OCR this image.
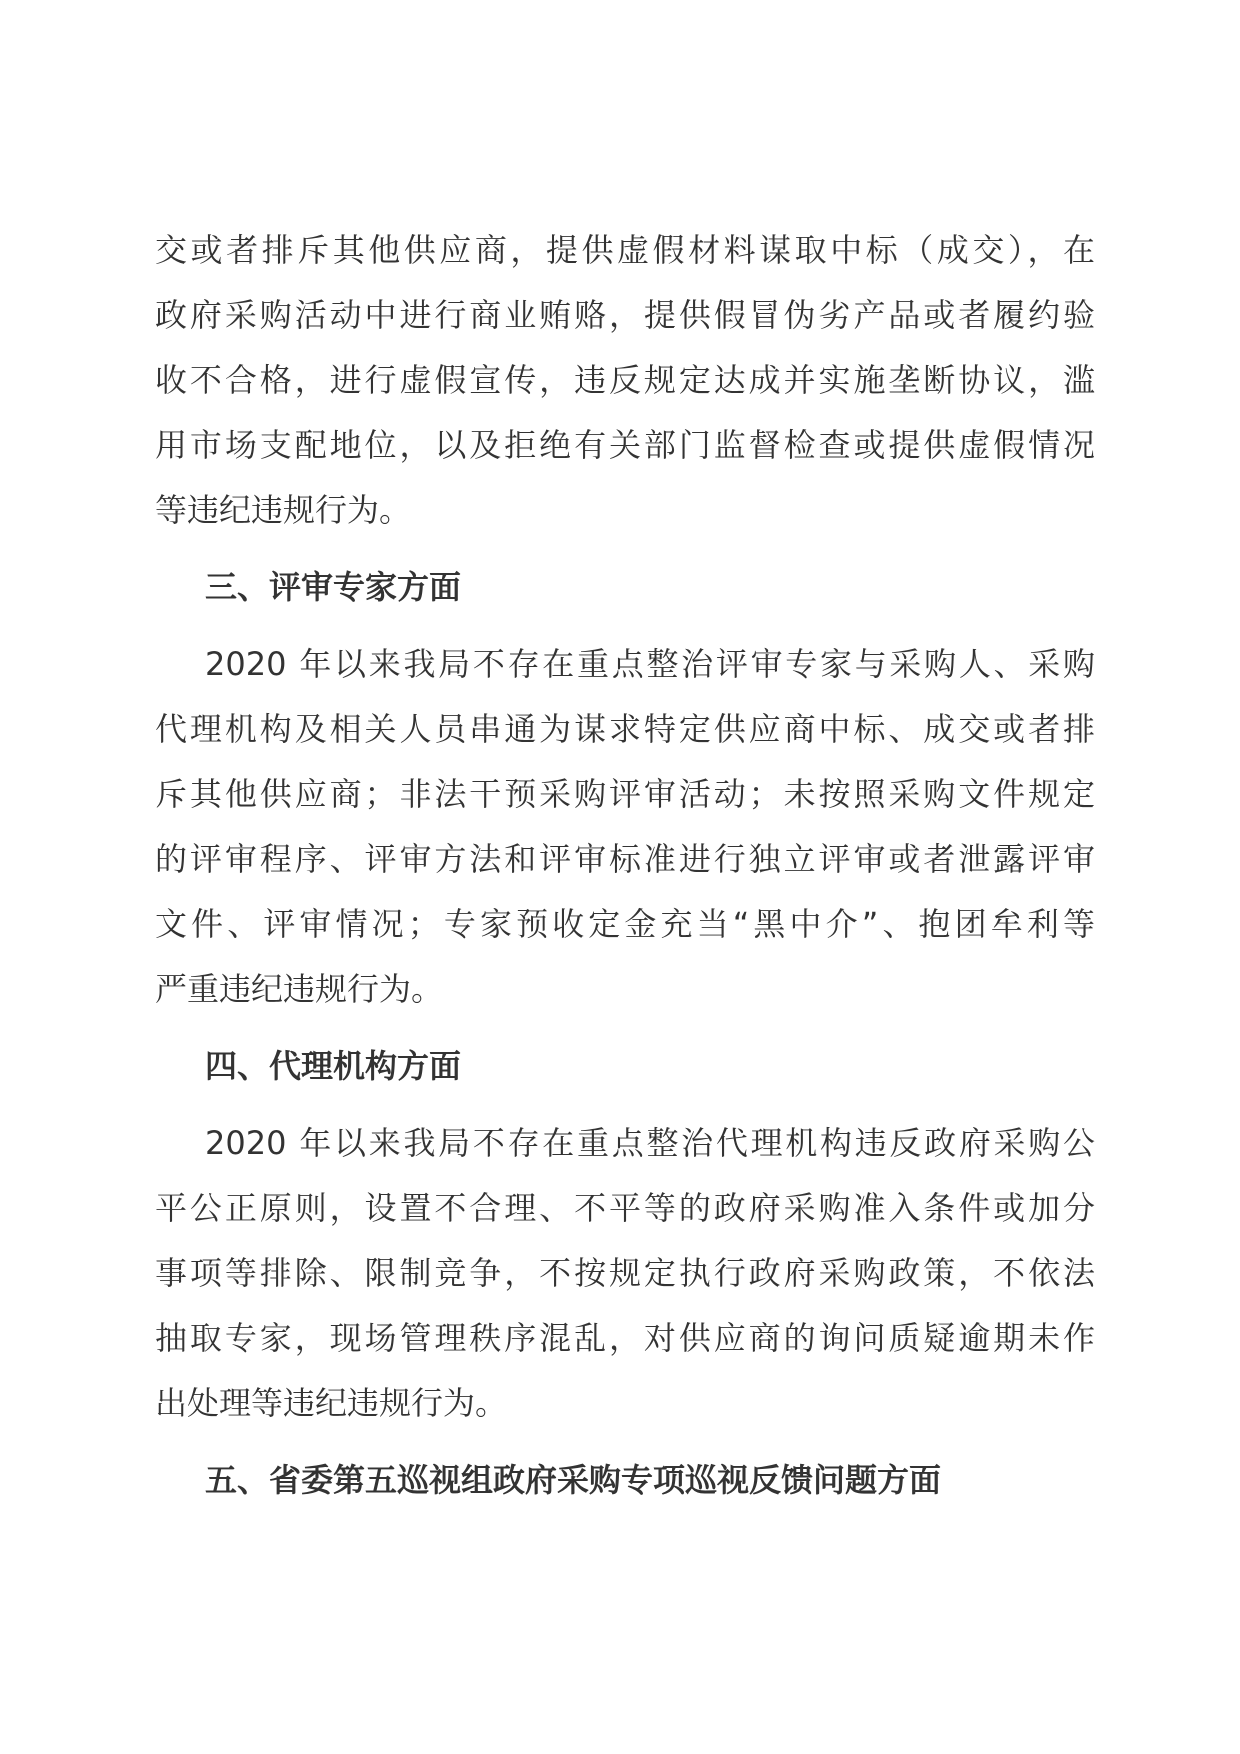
交或者排斥其他供应商，提供虚假材料谋取中标（成交），在
政府采购活动中进行商业贿赂，提供假冒伪劣产品或者履约验
收不合格，进行虚假宣传，违反规定达成并实施垄断协议，滥
用市场支配地位，以及拒绝有关部门监督检查或提供虚假情况
等违纪违规行为。
三、评审专家方面
2020 年以来我局不存在重点整治评审专家与采购人、采购
代理机构及相关人员串通为谋求特定供应商中标、成交或者排
斥其他供应商；非法干预采购评审活动；未按照采购文件规定
的评审程序、评审方法和评审标准进行独立评审或者泄露评审
文件、评审情况；专家预收定金充当“黑中介”、抱团牟利等
严重违纪违规行为。
四、代理机构方面
2020 年以来我局不存在重点整治代理机构违反政府采购公
平公正原则，设置不合理、不平等的政府采购准入条件或加分
事项等排除、限制竞争，不按规定执行政府采购政策，不依法
抽取专家，现场管理秩序混乱，对供应商的询问质疑逾期未作
出处理等违纪违规行为。
五、省委第五巡视组政府采购专项巡视反馈问题方面
